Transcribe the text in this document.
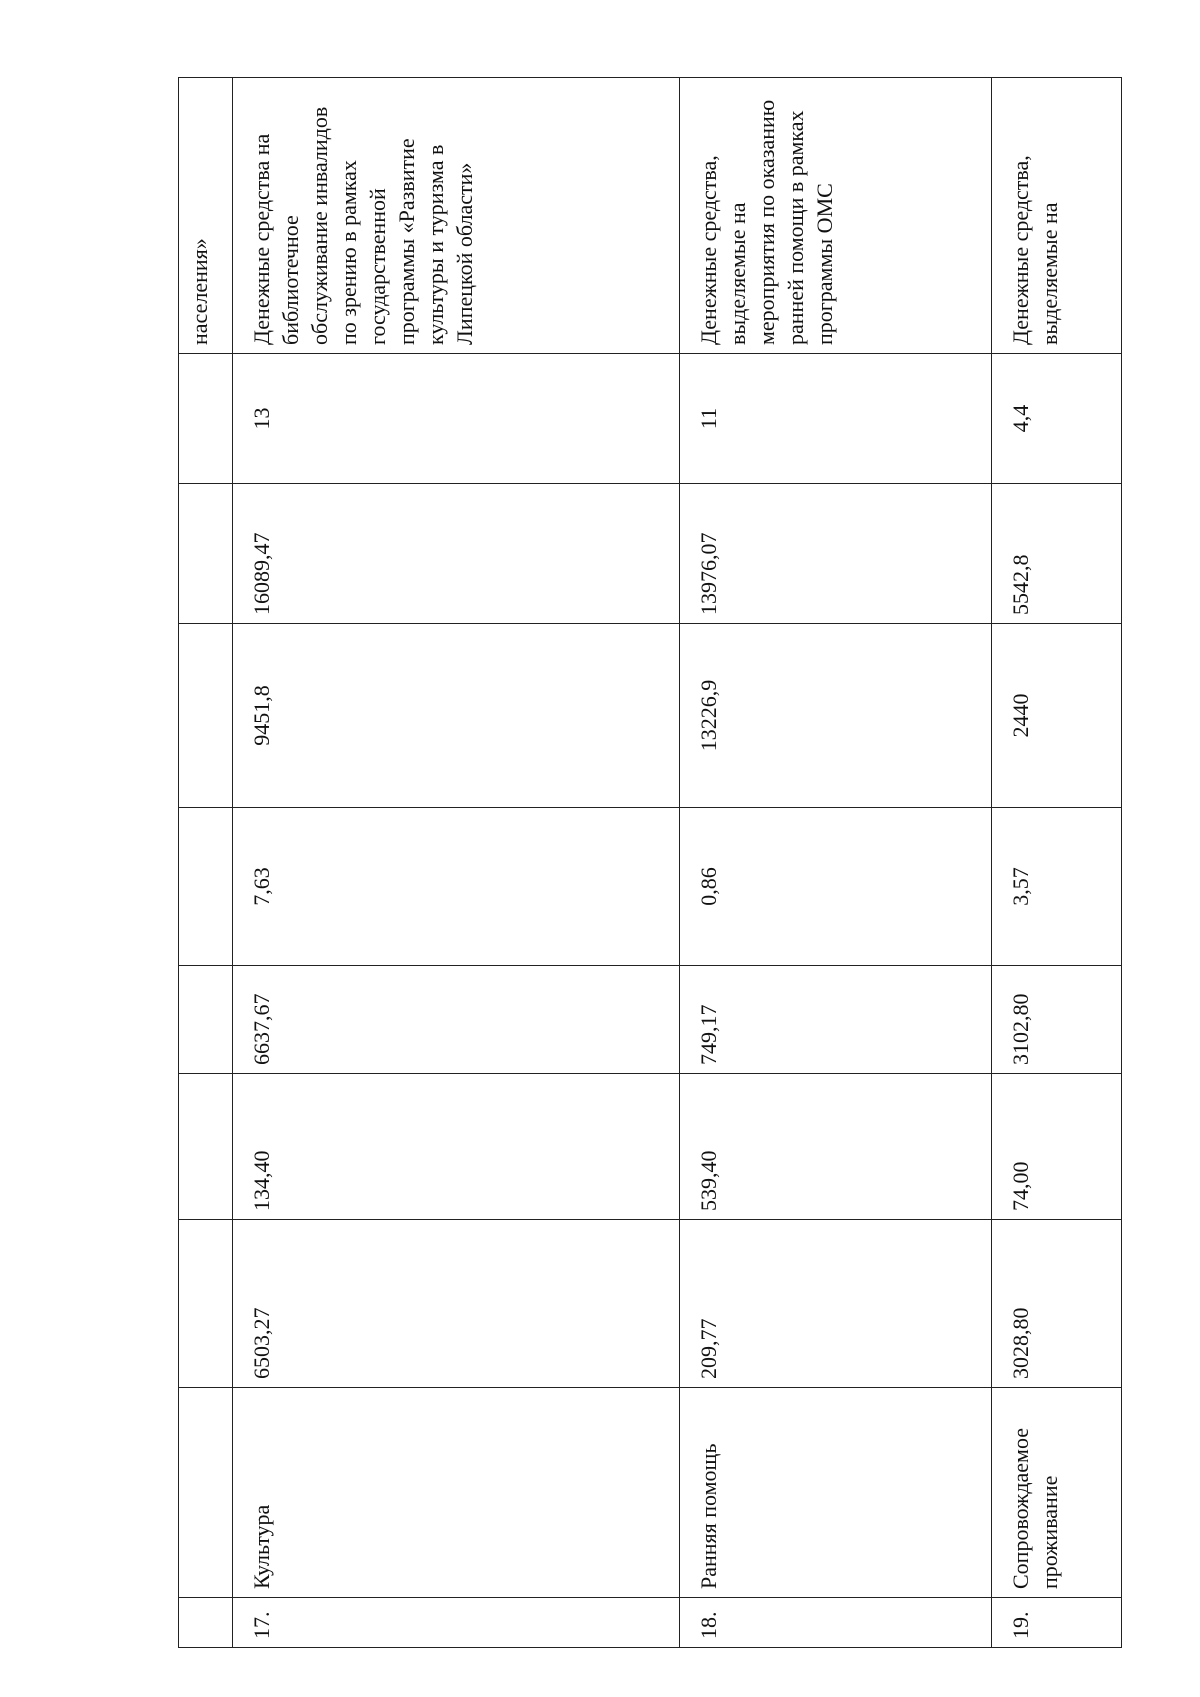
									населения»
17.	Культура	6503,27	134,40	6637,67	7,63	9451,8	16089,47	13	Денежные средства на библиотечное обслуживание инвалидов по зрению в рамках государственной программы «Развитие культуры и туризма в Липецкой области»
18.	Ранняя помощь	209,77	539,40	749,17	0,86	13226,9	13976,07	11	Денежные средства, выделяемые на мероприятия по оказанию ранней помощи в рамках программы ОМС
19.	Сопровождаемое проживание	3028,80	74,00	3102,80	3,57	2440	5542,8	4,4	Денежные средства, выделяемые на
